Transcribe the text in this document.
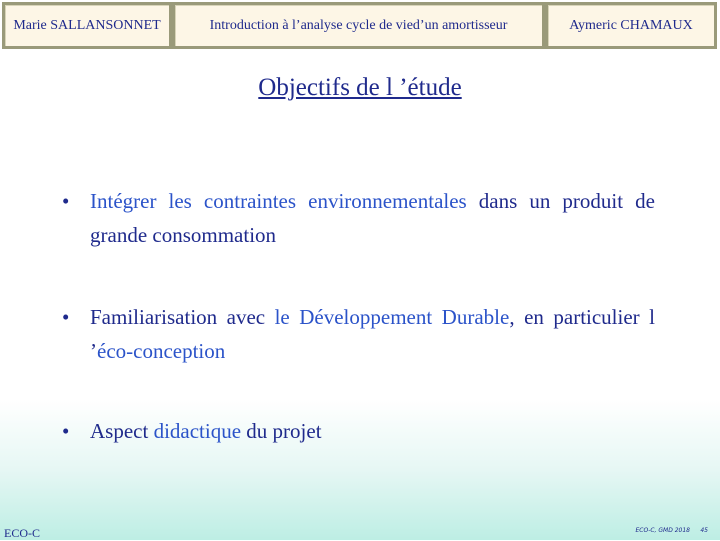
Marie SALLANSONNET	Introduction à l’analyse cycle de vied’un amortisseur	Aymeric CHAMAUX
Objectifs de l ’étude
• Intégrer les contraintes environnementales dans un produit de grande consommation
• Familiarisation avec le Développement Durable, en particulier l ’éco-conception
• Aspect didactique du projet
ECO-C	ECO-C, GMD 2018 45
